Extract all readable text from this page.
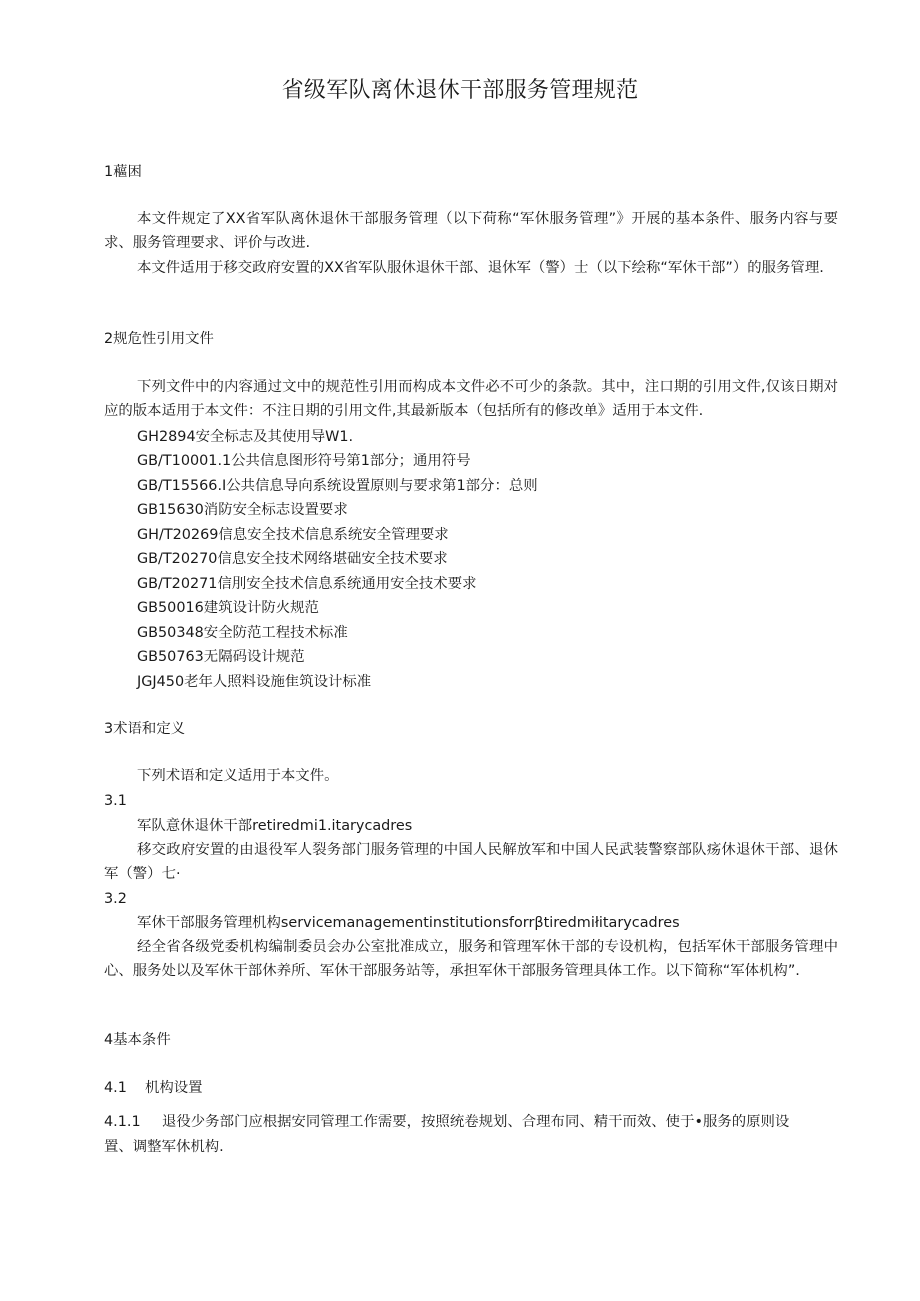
省级军队离休退休干部服务管理规范
1藲困
本文件规定了XX省军队离休退休干部服务管理（以下荷称“军休服务管理”》开展的基本条件、服务内容与要求、服务管理要求、评价与改进.
本文件适用于移交政府安置的XX省军队服休退休干部、退休军（警）士（以下绘称“军休干部”）的服务管理.
2规危性引用文件
下列文件中的内容通过文中的规范性引用而构成本文件必不可少的条款。其中，注口期的引用文件,仅该日期对应的版本适用于本文件：不注日期的引用文件,其最新版本（包括所有的修改单》适用于本文件.
GH2894安全标志及其使用导W1.
GB/T10001.1公共信息图形符号第1部分；通用符号
GB/T15566.I公共信息导向系统设置原则与要求第1部分：总则
GB15630消防安全标志设置要求
GH/T20269信息安全技术信息系统安全管理要求
GB/T20270信息安全技术网络堪础安全技术要求
GB/T20271信刖安全技术信息系统通用安全技术要求
GB50016建筑设计防火规范
GB50348安全防范工程技术标准
GB50763无隔码设计规范
JGJ450老年人照料设施隹筑设计标准
3术语和定义
下列术语和定义适用于本文件。
3.1
军队意休退休干部retiredmi1.itarycadres
移交政府安置的由退役军人裂务部门服务管理的中国人民解放军和中国人民武装警察部队疡休退休干部、退休军（警）七·
3.2
军休干部服务管理机构servicemanagementinstitutionsforrβtiredmiłitarycadres
经全省各级党委机构编制委员会办公室批准成立，服务和管理军休干部的专设机构，包括军休干部服务管理中心、服务处以及军休干部休养所、军休干部服务站等，承担军休干部服务管理具体工作。以下简称“军体机构”.
4基本条件
4.1 机构设置
4.1.1 退役少务部门应根据安同管理工作需要，按照统卷规划、合理布同、精干而效、使于•服务的原则设
置、调整军休机构.
